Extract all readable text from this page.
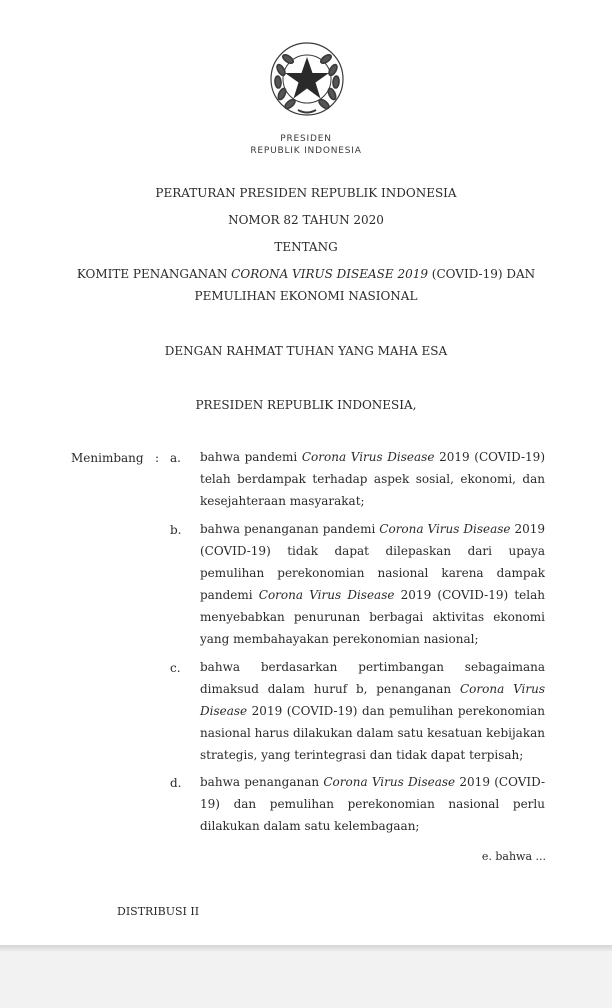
PRESIDEN
REPUBLIK INDONESIA
PERATURAN PRESIDEN REPUBLIK INDONESIA
NOMOR 82 TAHUN 2020
TENTANG
KOMITE PENANGANAN CORONA VIRUS DISEASE 2019 (COVID-19) DAN
PEMULIHAN EKONOMI NASIONAL
DENGAN RAHMAT TUHAN YANG MAHA ESA
PRESIDEN REPUBLIK INDONESIA,
Menimbang : a. bahwa pandemi Corona Virus Disease 2019 (COVID-19) telah berdampak terhadap aspek sosial, ekonomi, dan kesejahteraan masyarakat;
b. bahwa penanganan pandemi Corona Virus Disease 2019 (COVID-19) tidak dapat dilepaskan dari upaya pemulihan perekonomian nasional karena dampak pandemi Corona Virus Disease 2019 (COVID-19) telah menyebabkan penurunan berbagai aktivitas ekonomi yang membahayakan perekonomian nasional;
c. bahwa berdasarkan pertimbangan sebagaimana dimaksud dalam huruf b, penanganan Corona Virus Disease 2019 (COVID-19) dan pemulihan perekonomian nasional harus dilakukan dalam satu kesatuan kebijakan strategis, yang terintegrasi dan tidak dapat terpisah;
d. bahwa penanganan Corona Virus Disease 2019 (COVID-19) dan pemulihan perekonomian nasional perlu dilakukan dalam satu kelembagaan;
e. bahwa ...
DISTRIBUSI II
